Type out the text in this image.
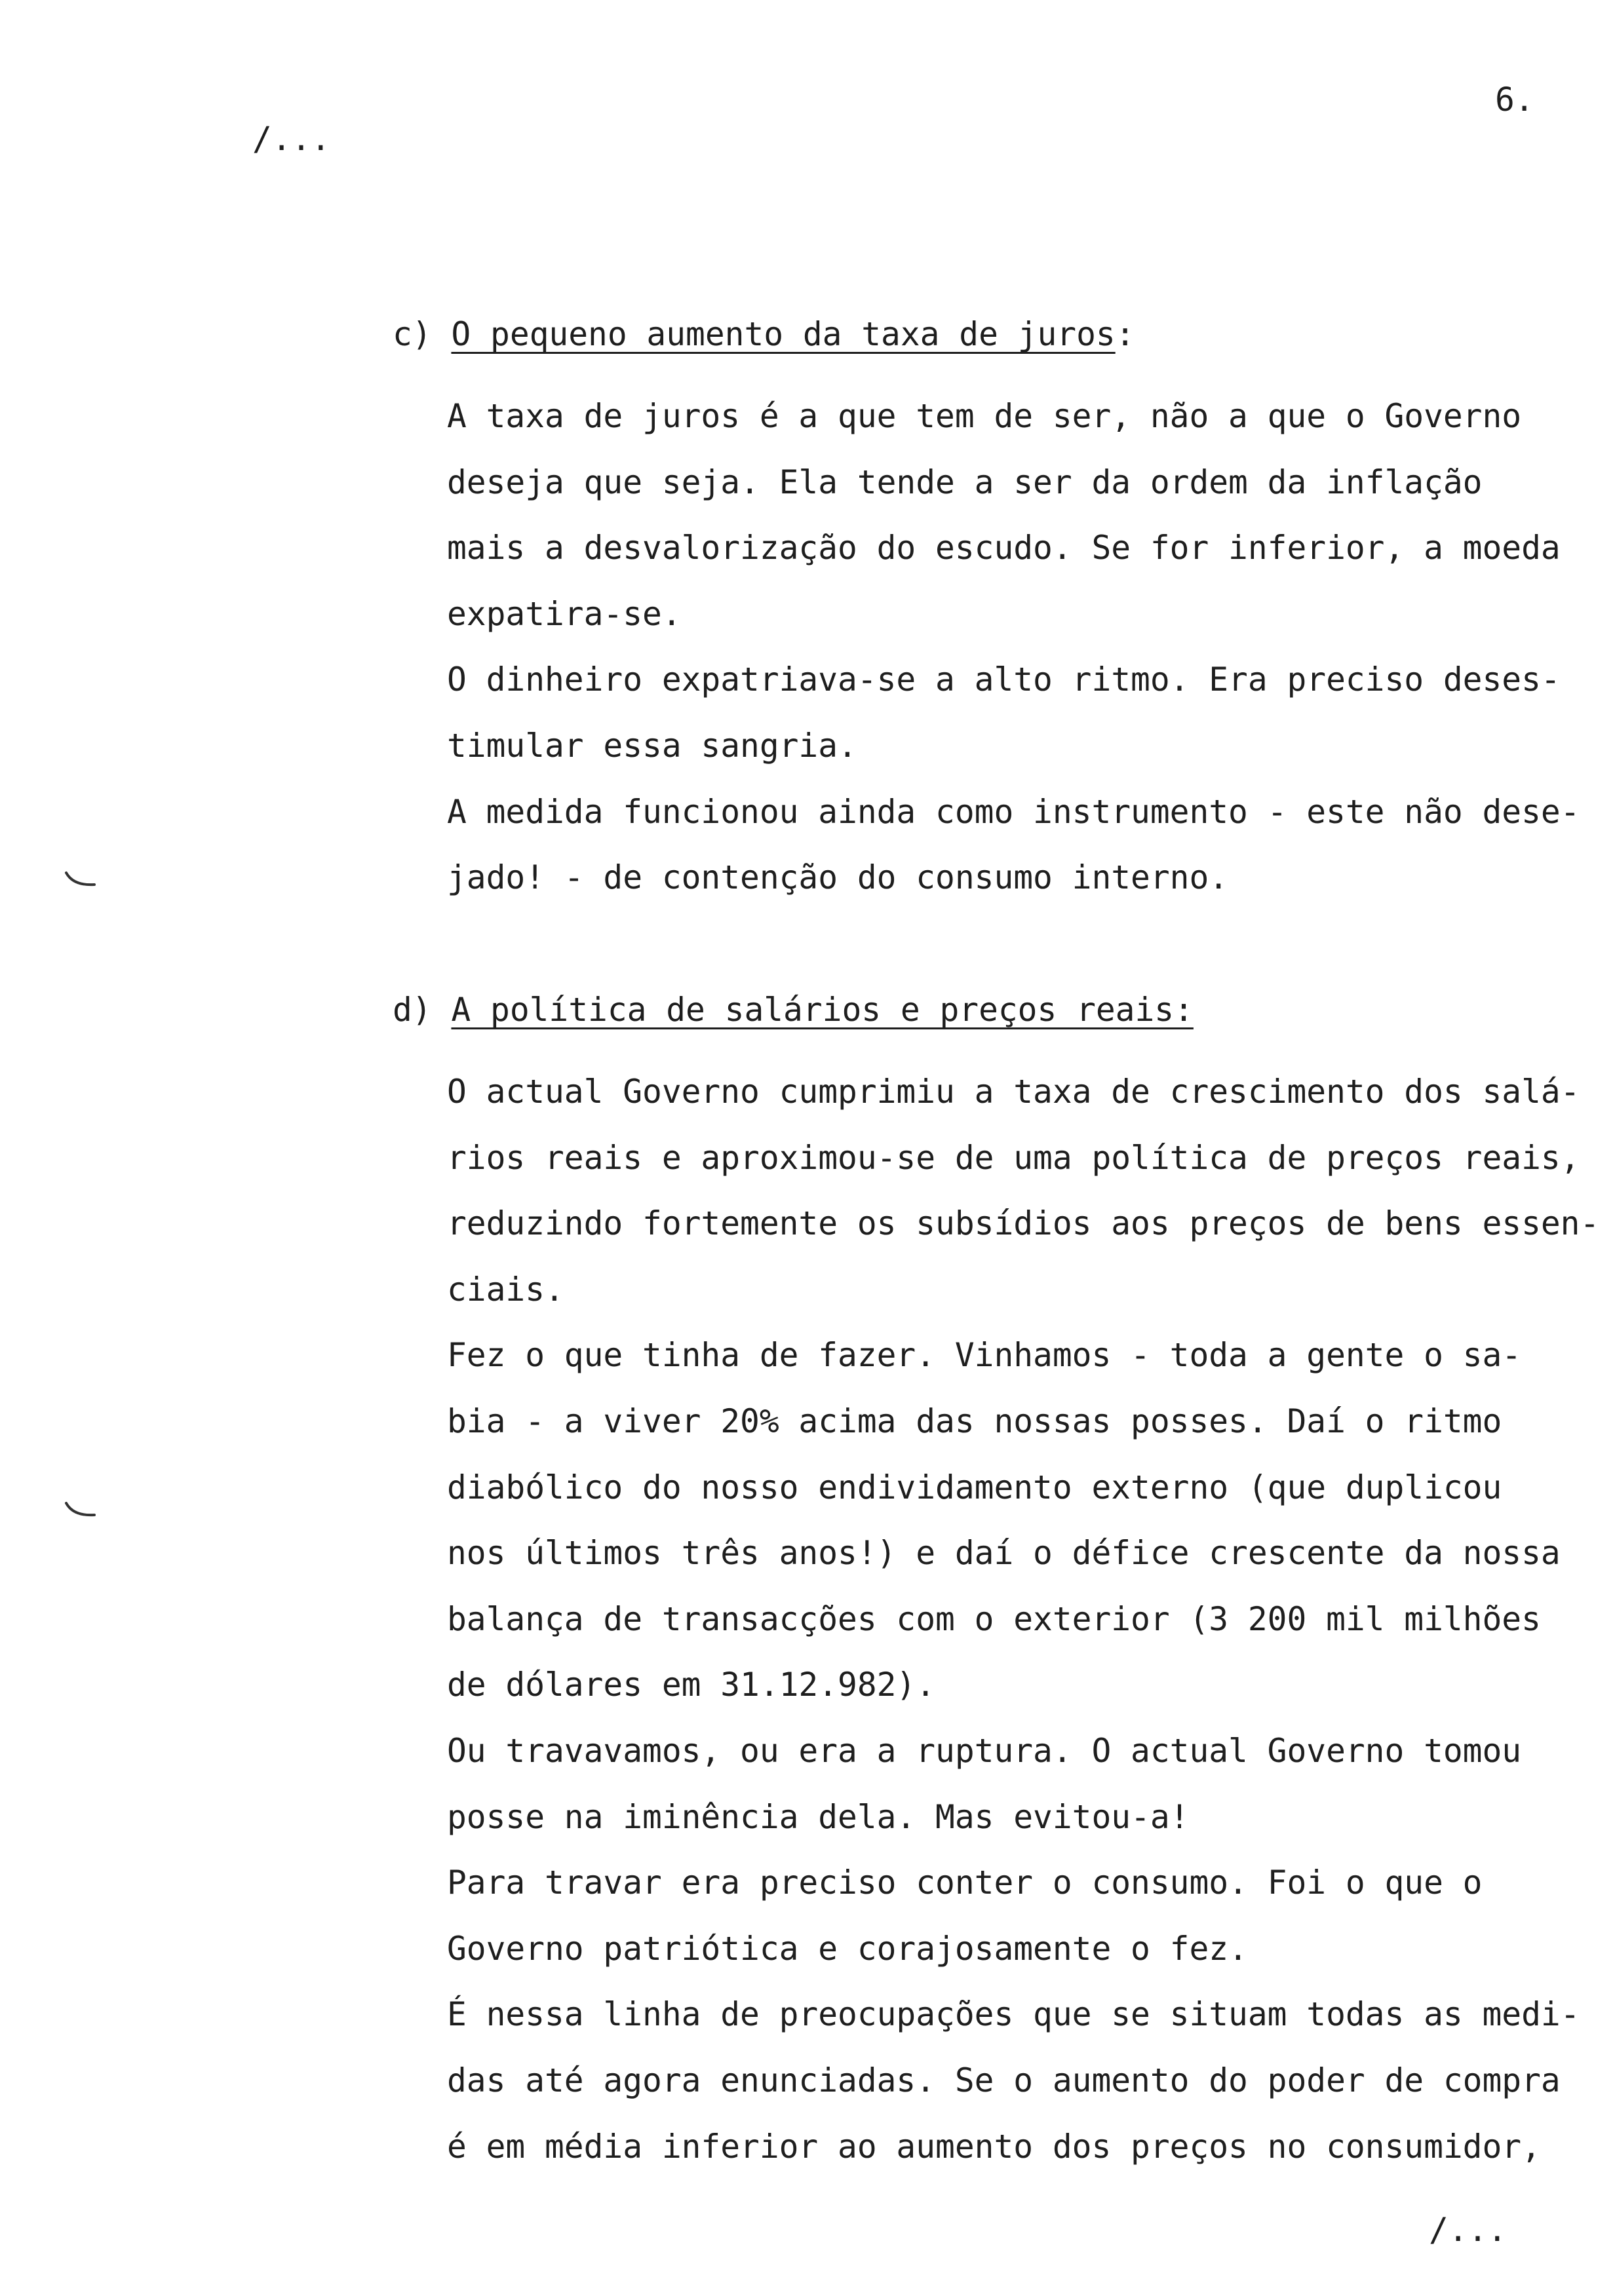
6.
/...
c) O pequeno aumento da taxa de juros:
A taxa de juros é a que tem de ser, não a que o Governo
deseja que seja. Ela tende a ser da ordem da inflação
mais a desvalorização do escudo. Se for inferior, a moeda
expatira-se.
O dinheiro expatriava-se a alto ritmo. Era preciso deses-
timular essa sangria.
A medida funcionou ainda como instrumento - este não dese-
jado! - de contenção do consumo interno.
d) A política de salários e preços reais:
O actual Governo cumprimiu a taxa de crescimento dos salá-
rios reais e aproximou-se de uma política de preços reais,
reduzindo fortemente os subsídios aos preços de bens essen-
ciais.
Fez o que tinha de fazer. Vinhamos - toda a gente o sa-
bia - a viver 20% acima das nossas posses. Daí o ritmo
diabólico do nosso endividamento externo (que duplicou
nos últimos três anos!) e daí o défice crescente da nossa
balança de transacções com o exterior (3 200 mil milhões
de dólares em 31.12.982).
Ou travavamos, ou era a ruptura. O actual Governo tomou
posse na iminência dela. Mas evitou-a!
Para travar era preciso conter o consumo. Foi o que o
Governo patriótica e corajosamente o fez.
É nessa linha de preocupações que se situam todas as medi-
das até agora enunciadas. Se o aumento do poder de compra
é em média inferior ao aumento dos preços no consumidor,
/...
